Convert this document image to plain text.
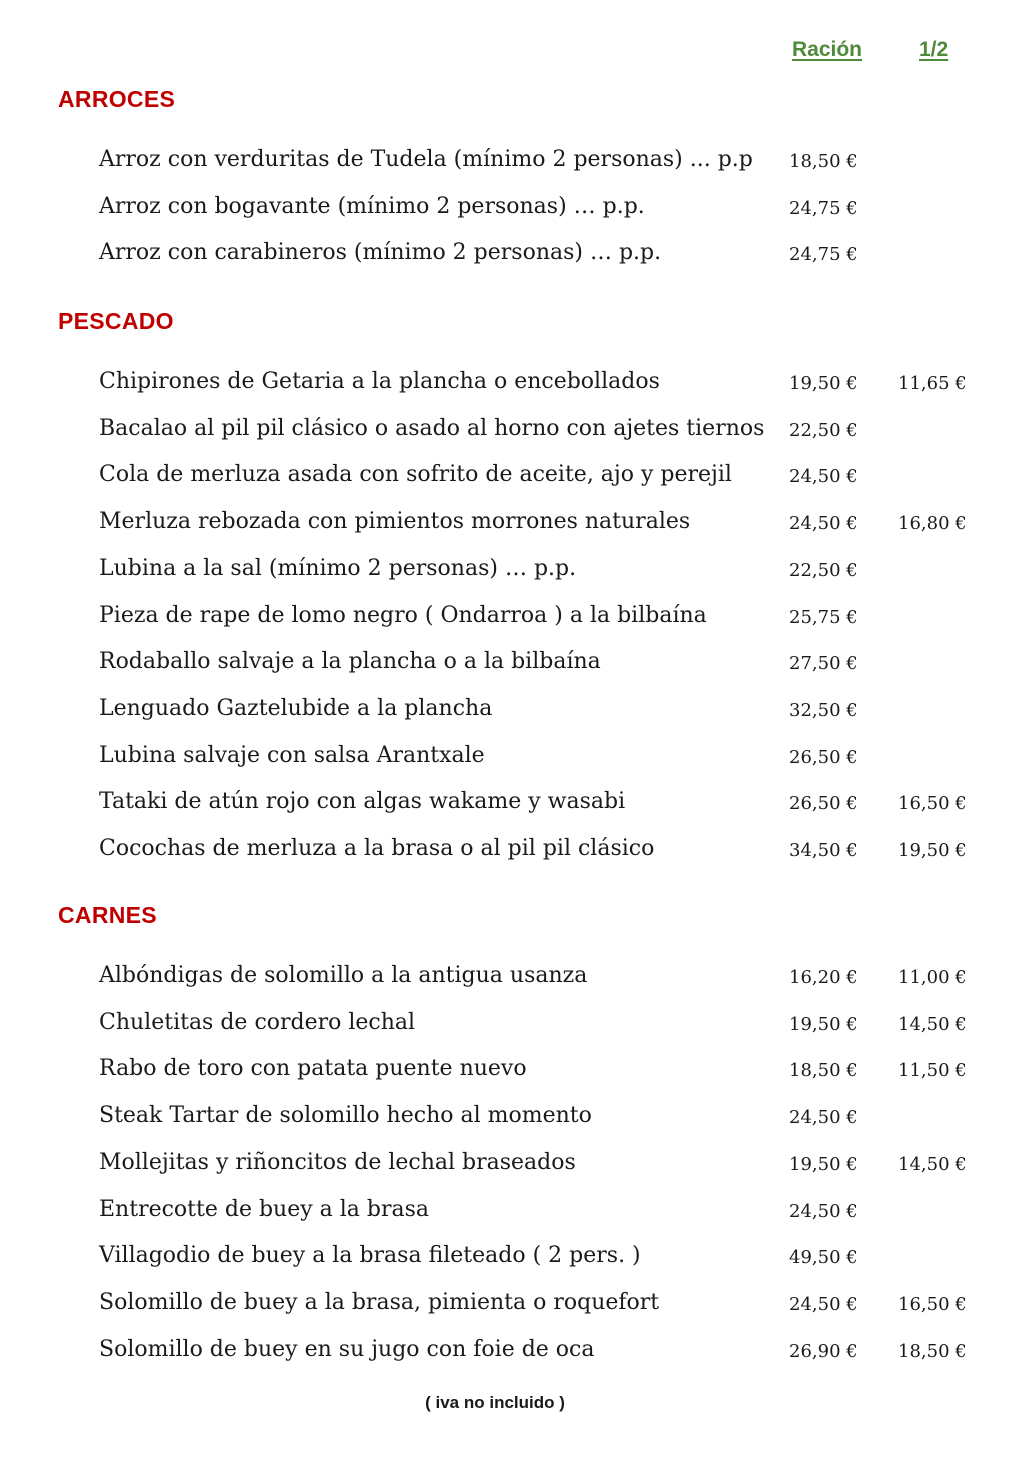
Ración	1/2
ARROCES
Arroz con verduritas de Tudela (mínimo 2 personas) ... p.p 18,50 €
Arroz con bogavante (mínimo 2 personas) … p.p.	24,75 €
Arroz con carabineros (mínimo 2 personas) … p.p.	24,75 €
PESCADO
Chipirones de Getaria a la plancha o encebollados	19,50 € 11,65 €
Bacalao al pil pil clásico o asado al horno con ajetes tiernos 22,50 €
Cola de merluza asada con sofrito de aceite, ajo y perejil	24,50 €
Merluza rebozada con pimientos morrones naturales	24,50 € 16,80 €
Lubina a la sal (mínimo 2 personas) … p.p.	22,50 €
Pieza de rape de lomo negro ( Ondarroa ) a la bilbaína	25,75 €
Rodaballo salvaje a la plancha o a la bilbaína	27,50 €
Lenguado Gaztelubide a la plancha	32,50 €
Lubina salvaje con salsa Arantxale	26,50 €
Tataki de atún rojo con algas wakame y wasabi	26,50 € 16,50 €
Cocochas de merluza a la brasa o al pil pil clásico	34,50 € 19,50 €
CARNES
Albóndigas de solomillo a la antigua usanza	16,20 € 11,00 €
Chuletitas de cordero lechal	19,50 € 14,50 €
Rabo de toro con patata puente nuevo	18,50 € 11,50 €
Steak Tartar de solomillo hecho al momento	24,50 €
Mollejitas y riñoncitos de lechal braseados	19,50 € 14,50 €
Entrecotte de buey a la brasa	24,50 €
Villagodio de buey a la brasa fileteado ( 2 pers. )	49,50 €
Solomillo de buey a la brasa, pimienta o roquefort	24,50 € 16,50 €
Solomillo de buey en su jugo con foie de oca	26,90 € 18,50 €
( iva no incluido )
